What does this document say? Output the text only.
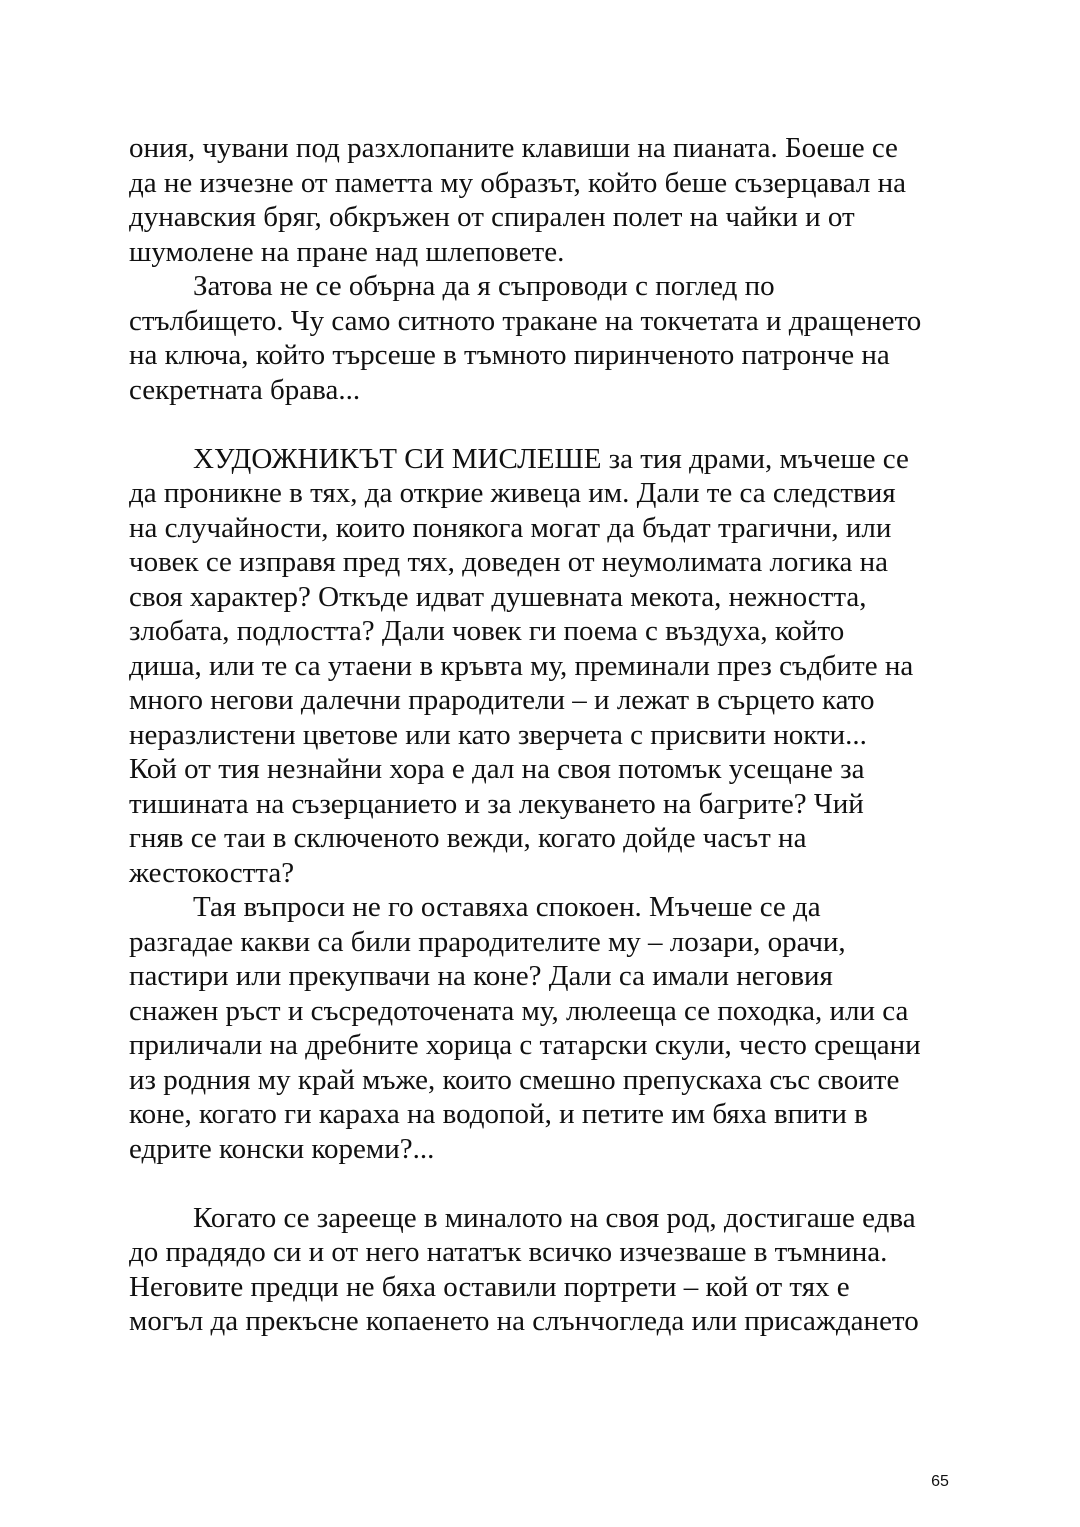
ония, чувани под разхлопаните клавиши на пианата. Боеше се
да не изчезне от паметта му образът, който беше съзерцавал на
дунавския бряг, обкръжен от спирален полет на чайки и от
шумолене на пране над шлеповете.
Затова не се обърна да я съпроводи с поглед по
стълбището. Чу само ситното тракане на токчетата и дращенето
на ключа, който търсеше в тъмното пиринченото патронче на
секретната брава...
ХУДОЖНИКЪТ СИ МИСЛЕШЕ за тия драми, мъчеше се
да проникне в тях, да открие живеца им. Дали те са следствия
на случайности, които понякога могат да бъдат трагични, или
човек се изправя пред тях, доведен от неумолимата логика на
своя характер? Откъде идват душевната мекота, нежността,
злобата, подлостта? Дали човек ги поема с въздуха, който
диша, или те са утаени в кръвта му, преминали през съдбите на
много негови далечни прародители – и лежат в сърцето като
неразлистени цветове или като зверчета с присвити нокти...
Кой от тия незнайни хора е дал на своя потомък усещане за
тишината на съзерцанието и за лекуването на багрите? Чий
гняв се таи в сключеното вежди, когато дойде часът на
жестокостта?
Тая въпроси не го оставяха спокоен. Мъчеше се да
разгадае какви са били прародителите му – лозари, орачи,
пастири или прекупвачи на коне? Дали са имали неговия
снажен ръст и съсредоточената му, люлееща се походка, или са
приличали на дребните хорица с татарски скули, често срещани
из родния му край мъже, които смешно препускаха със своите
коне, когато ги караха на водопой, и петите им бяха впити в
едрите конски кореми?...
Когато се зареещe в миналото на своя род, достигаше едва
до прадядо си и от него нататък всичко изчезваше в тъмнина.
Неговите предци не бяха оставили портрети – кой от тях е
могъл да прекъсне копаенето на слънчогледа или присаждането
65
